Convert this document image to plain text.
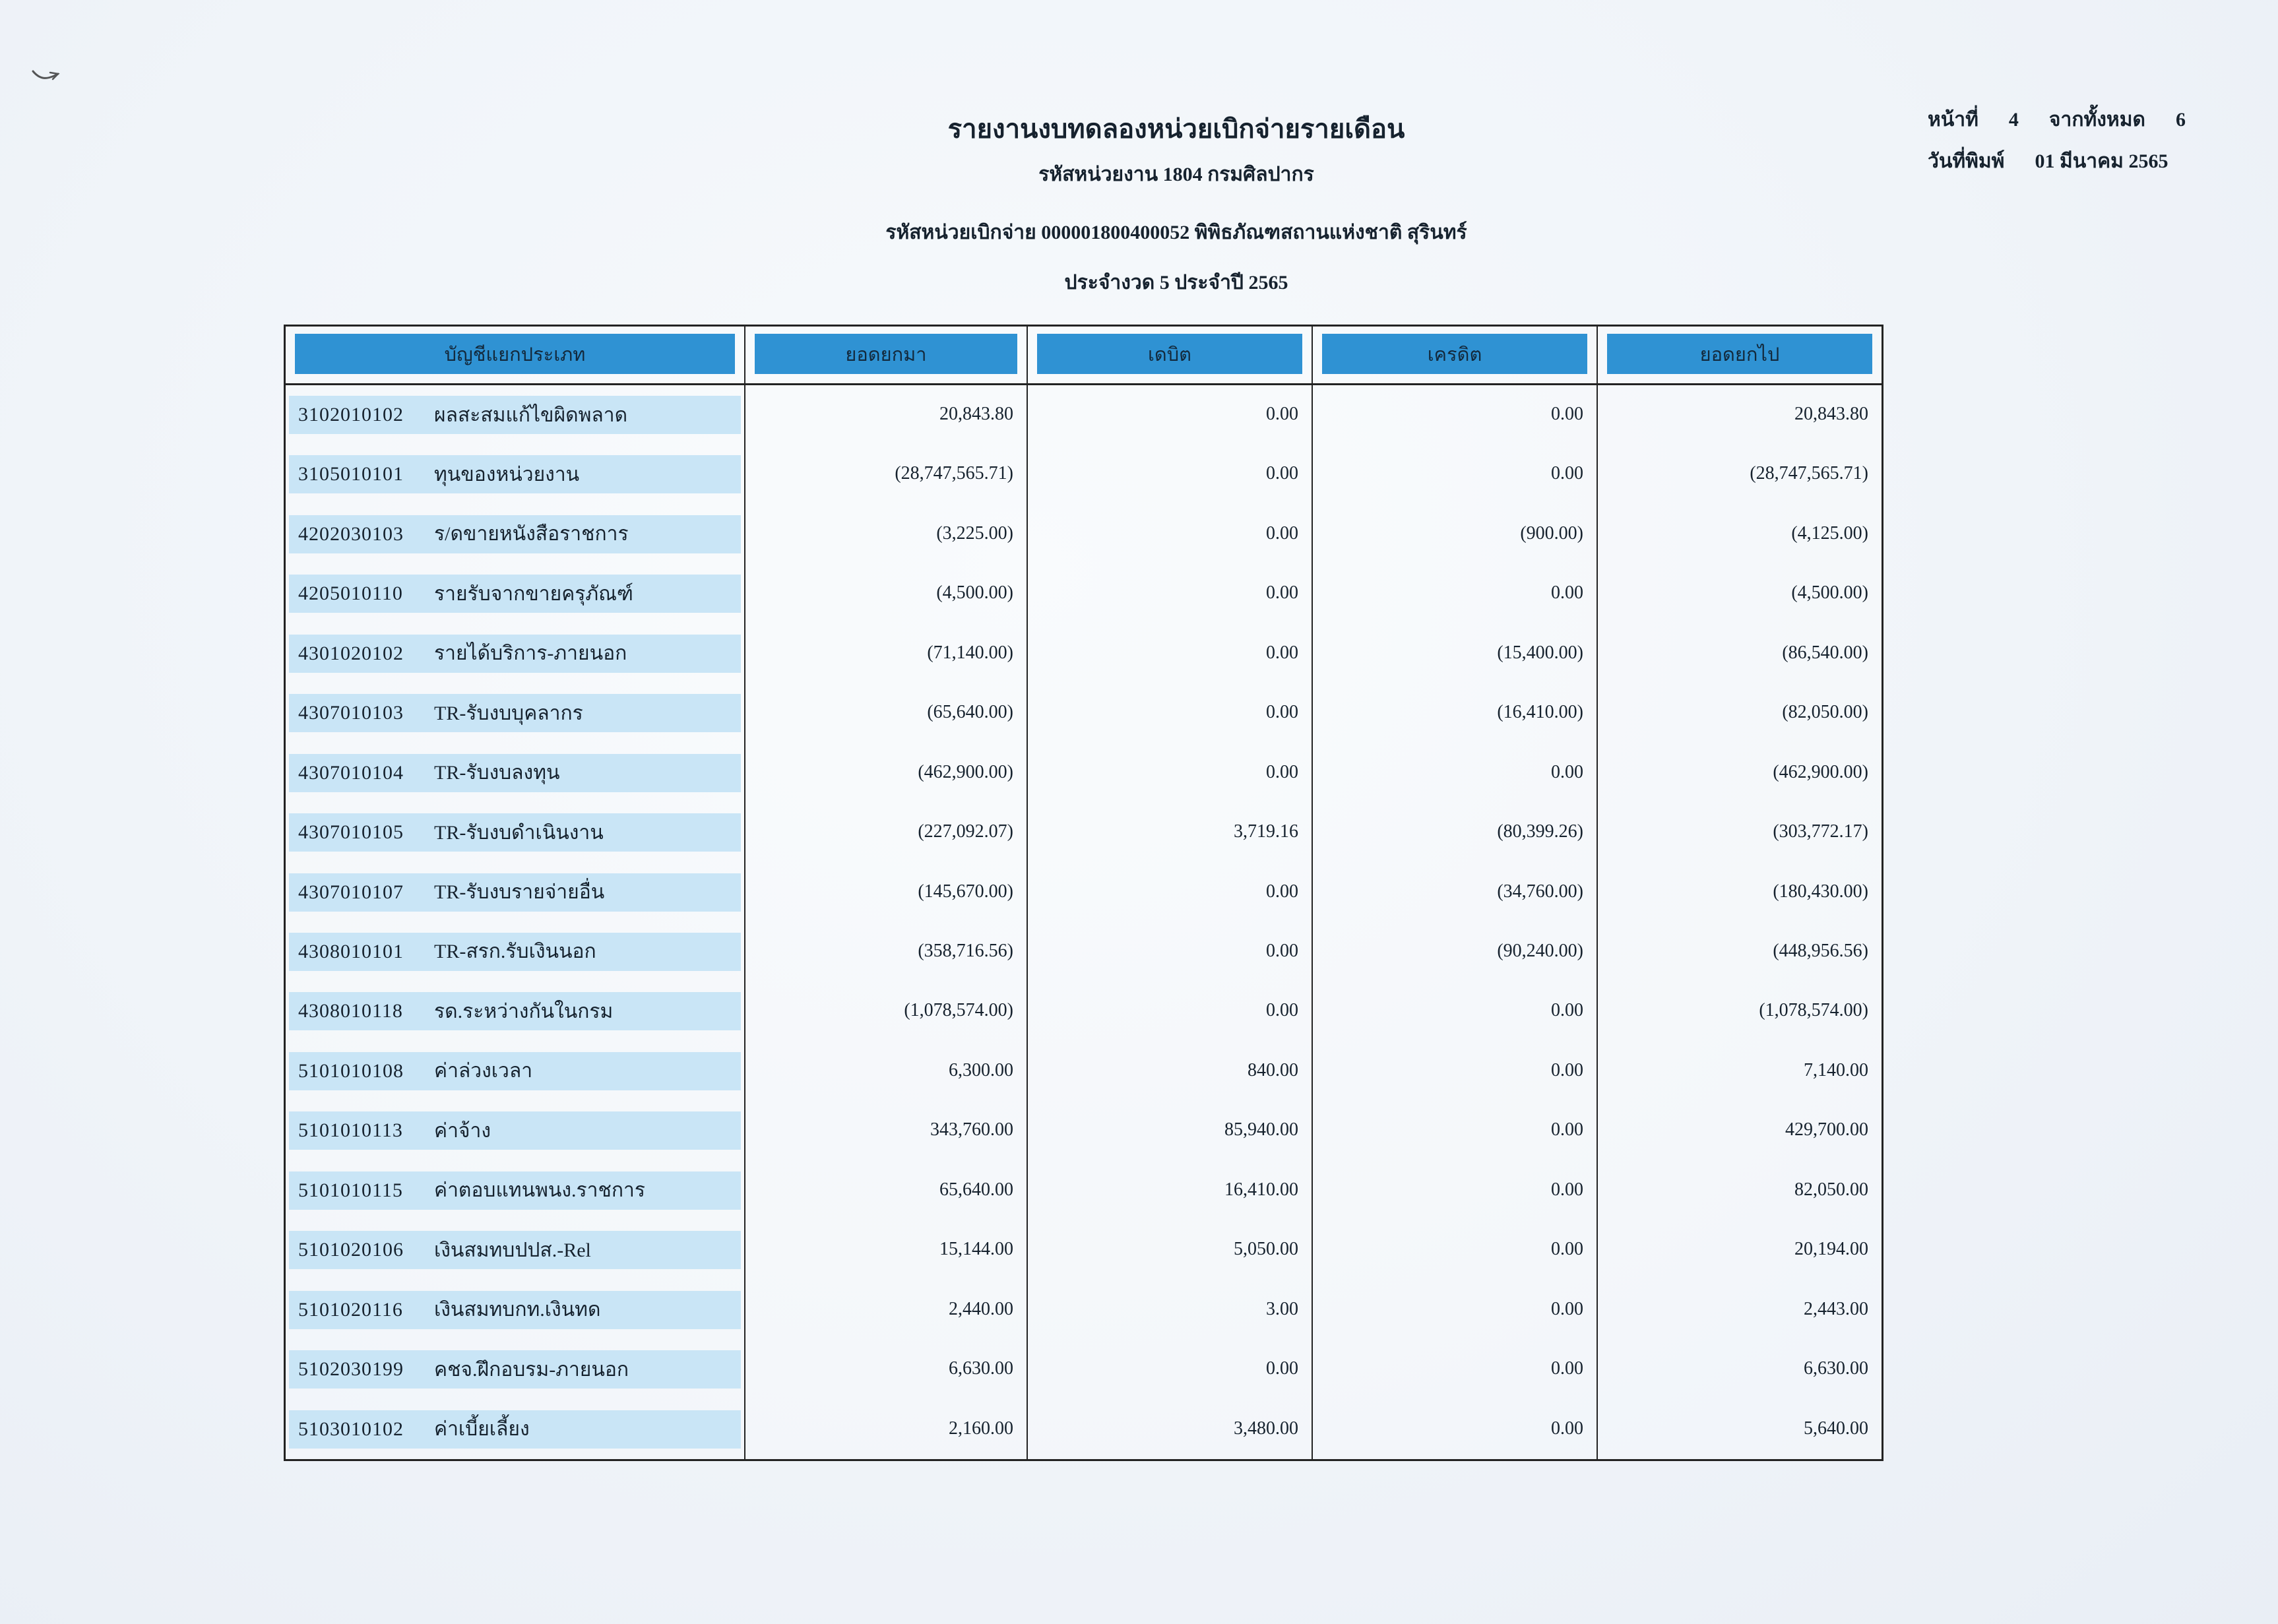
หน้าที่ 4 จากทั้งหมด 6
วันที่พิมพ์ 01 มีนาคม 2565
รายงานงบทดลองหน่วยเบิกจ่ายรายเดือน
รหัสหน่วยงาน 1804 กรมศิลปากร
รหัสหน่วยเบิกจ่าย 000001800400052 พิพิธภัณฑสถานแห่งชาติ สุรินทร์
ประจำงวด 5 ประจำปี 2565
บัญชีแยกประเภท	ยอดยกมา	เดบิต	เครดิต	ยอดยกไป
3102010102	ผลสะสมแก้ไขผิดพลาด	20,843.80	0.00	0.00	20,843.80
3105010101	ทุนของหน่วยงาน	(28,747,565.71)	0.00	0.00	(28,747,565.71)
4202030103	ร/ดขายหนังสือราชการ	(3,225.00)	0.00	(900.00)	(4,125.00)
4205010110	รายรับจากขายครุภัณฑ์	(4,500.00)	0.00	0.00	(4,500.00)
4301020102	รายได้บริการ-ภายนอก	(71,140.00)	0.00	(15,400.00)	(86,540.00)
4307010103	TR-รับงบบุคลากร	(65,640.00)	0.00	(16,410.00)	(82,050.00)
4307010104	TR-รับงบลงทุน	(462,900.00)	0.00	0.00	(462,900.00)
4307010105	TR-รับงบดำเนินงาน	(227,092.07)	3,719.16	(80,399.26)	(303,772.17)
4307010107	TR-รับงบรายจ่ายอื่น	(145,670.00)	0.00	(34,760.00)	(180,430.00)
4308010101	TR-สรก.รับเงินนอก	(358,716.56)	0.00	(90,240.00)	(448,956.56)
4308010118	รด.ระหว่างกันในกรม	(1,078,574.00)	0.00	0.00	(1,078,574.00)
5101010108	ค่าล่วงเวลา	6,300.00	840.00	0.00	7,140.00
5101010113	ค่าจ้าง	343,760.00	85,940.00	0.00	429,700.00
5101010115	ค่าตอบแทนพนง.ราชการ	65,640.00	16,410.00	0.00	82,050.00
5101020106	เงินสมทบปปส.-Rel	15,144.00	5,050.00	0.00	20,194.00
5101020116	เงินสมทบกท.เงินทด	2,440.00	3.00	0.00	2,443.00
5102030199	คชจ.ฝึกอบรม-ภายนอก	6,630.00	0.00	0.00	6,630.00
5103010102	ค่าเบี้ยเลี้ยง	2,160.00	3,480.00	0.00	5,640.00
